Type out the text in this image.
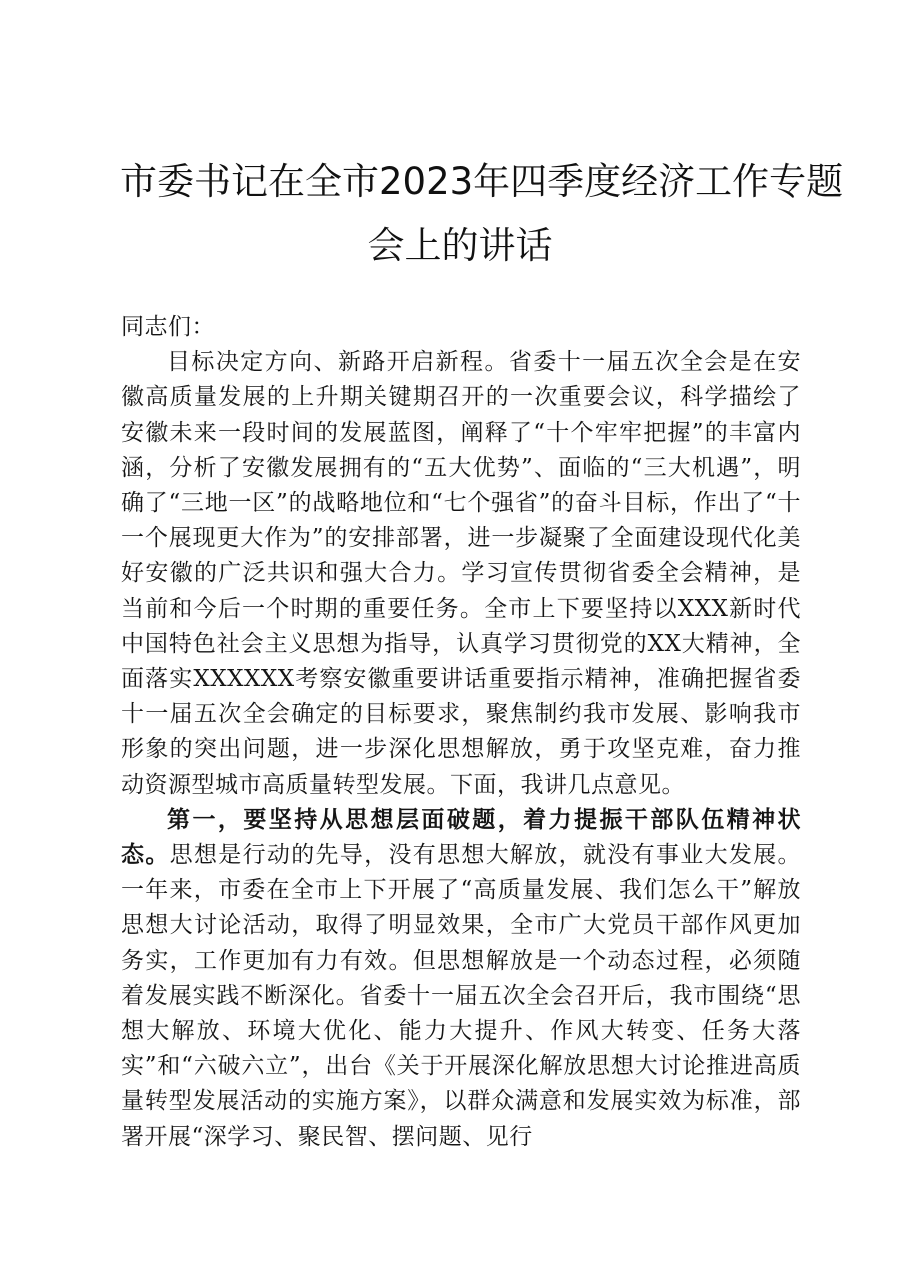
市委书记在全市2023年四季度经济工作专题
会上的讲话

同志们：

目标决定方向、新路开启新程。省委十一届五次全会是在安徽高质量发展的上升期关键期召开的一次重要会议，科学描绘了安徽未来一段时间的发展蓝图，阐释了“十个牢牢把握”的丰富内涵，分析了安徽发展拥有的“五大优势”、面临的“三大机遇”，明确了“三地一区”的战略地位和“七个强省”的奋斗目标，作出了“十一个展现更大作为”的安排部署，进一步凝聚了全面建设现代化美好安徽的广泛共识和强大合力。学习宣传贯彻省委全会精神，是当前和今后一个时期的重要任务。全市上下要坚持以XXX新时代中国特色社会主义思想为指导，认真学习贯彻党的XX大精神，全面落实XXXXXX考察安徽重要讲话重要指示精神，准确把握省委十一届五次全会确定的目标要求，聚焦制约我市发展、影响我市形象的突出问题，进一步深化思想解放，勇于攻坚克难，奋力推动资源型城市高质量转型发展。下面，我讲几点意见。

第一，要坚持从思想层面破题，着力提振干部队伍精神状态。思想是行动的先导，没有思想大解放，就没有事业大发展。一年来，市委在全市上下开展了“高质量发展、我们怎么干”解放思想大讨论活动，取得了明显效果，全市广大党员干部作风更加务实，工作更加有力有效。但思想解放是一个动态过程，必须随着发展实践不断深化。省委十一届五次全会召开后，我市围绕“思想大解放、环境大优化、能力大提升、作风大转变、任务大落实”和“六破六立”，出台《关于开展深化解放思想大讨论推进高质量转型发展活动的实施方案》，以群众满意和发展实效为标准，部署开展“深学习、聚民智、摆问题、见行
